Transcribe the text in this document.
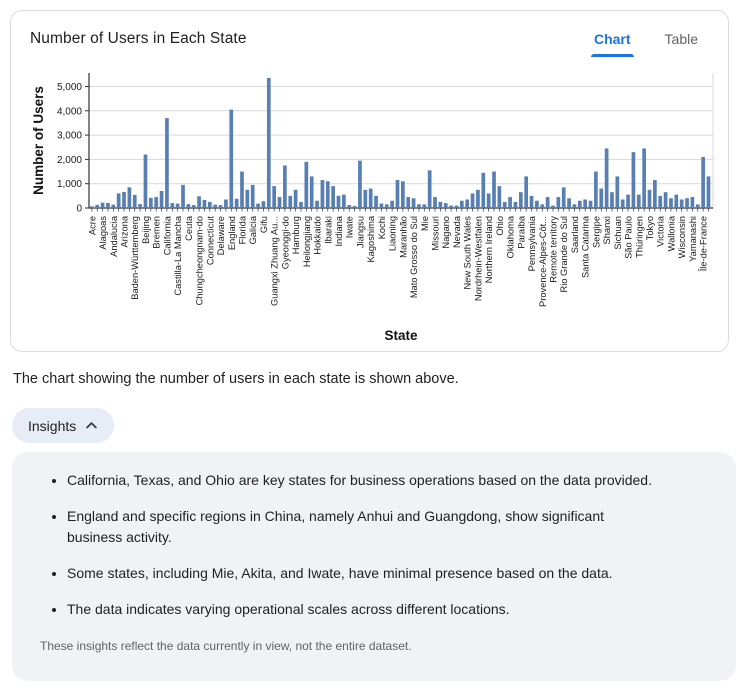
Number of Users in Each State	Chart Table
0
1,000
2,000
3,000
4,000
5,000
Acre Alagoas Andalucia Arizona Baden-Württemberg Beijing Bremen California Castilla-La Mancha Ceuta Chungcheongnam-do Connecticut Delaware England Florida Galicia Gifu Guangxi Zhuang Au... Gyeonggi-do Hamburg Heilongjiang Hokkaido Ibaraki Indiana Iwate Jiangsu Kagoshima Kochi Liaoning Maranhão Mato Grosso do Sul Mie Missouri Nagano Nevada New South Wales Nordrhein-Westfalen Northern Ireland Ohio Oklahoma Paraíba Pennsylvania Provence-Alpes-Côt... Remote territory Rio Grande do Sul Saarland Santa Catarina Sergipe Shanxi Sichuan São Paulo Thüringen Tokyo Victoria Wallonia Wisconsin Yamanashi Île-de-France
Number of Users
State
The chart showing the number of users in each state is shown above.
Insights
• California, Texas, and Ohio are key states for business operations based on the data provided.
• England and specific regions in China, namely Anhui and Guangdong, show significant business activity.
• Some states, including Mie, Akita, and Iwate, have minimal presence based on the data.
• The data indicates varying operational scales across different locations.

These insights reflect the data currently in view, not the entire dataset.
